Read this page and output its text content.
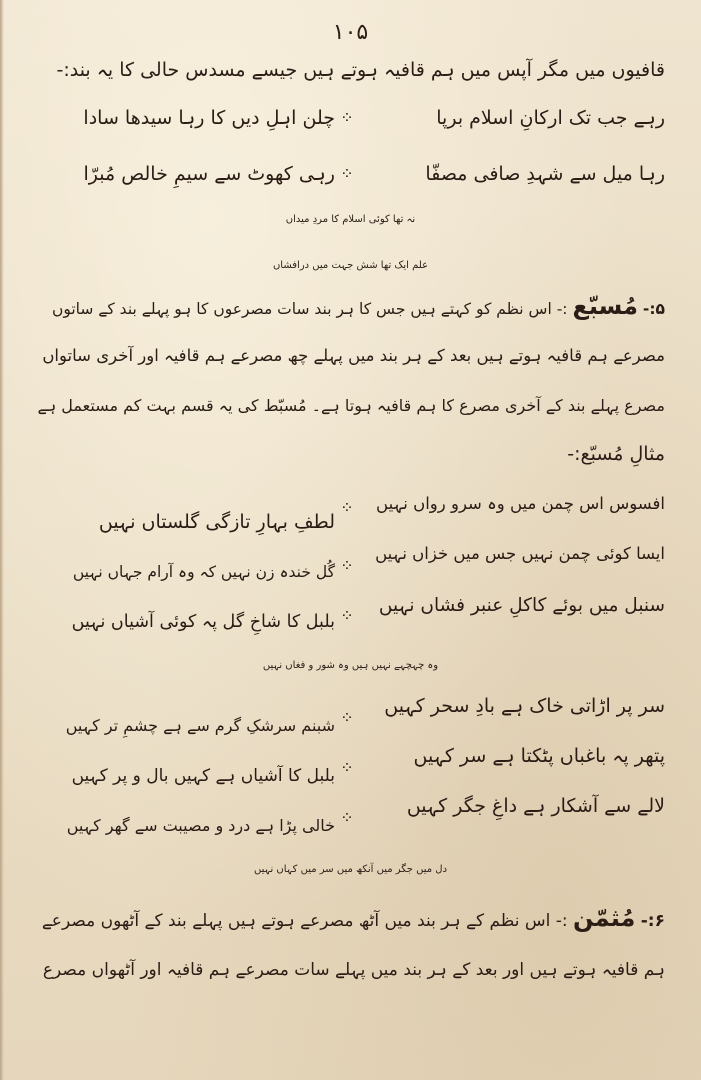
۱۰۵
قافیوں میں مگر آپس میں ہم قافیہ ہوتے ہیں جیسے مسدس حالی کا یہ بند:-
رہے جب تک ارکانِ اسلام برپا
⁘
چلن اہلِ دیں کا رہا سیدھا سادا
رہا میل سے شہدِ صافی مصفّا
⁘
رہی کھوٹ سے سیمِ خالص مُبرّا
نہ تھا کوئی اسلام کا مردِ میداں
علم ایک تھا شش جہت میں درافشاں
۵:- مُسبّع :- اس نظم کو کہتے ہیں جس کا ہر بند سات مصرعوں کا ہو پہلے بند کے ساتوں
مصرعے ہم قافیہ ہوتے ہیں بعد کے ہر بند میں پہلے چھ مصرعے ہم قافیہ اور آخری ساتواں
مصرع پہلے بند کے آخری مصرع کا ہم قافیہ ہوتا ہے۔ مُسبّط کی یہ قسم بہت کم مستعمل ہے
مثالِ مُسبّع:-
افسوس اس چمن میں وہ سرو رواں نہیں
⁘
لطفِ بہارِ تازگی گلستاں نہیں
ایسا کوئی چمن نہیں جس میں خزاں نہیں
⁘
گُل خندہ زن نہیں کہ وہ آرام جہاں نہیں
سنبل میں بوئے کاکلِ عنبر فشاں نہیں
⁘
بلبل کا شاخِ گل پہ کوئی آشیاں نہیں
وہ چہچہے نہیں ہیں وہ شور و فغاں نہیں
سر پر اڑاتی خاک ہے بادِ سحر کہیں
⁘
شبنم سرشکِ گرم سے ہے چشمِ تر کہیں
پتھر پہ باغباں پٹکتا ہے سر کہیں
⁘
بلبل کا آشیاں ہے کہیں بال و پر کہیں
لالے سے آشکار ہے داغِ جگر کہیں
⁘
خالی پڑا ہے درد و مصیبت سے گھر کہیں
دل میں جگر میں آنکھ میں سر میں کہاں نہیں
۶:- مُثمّن :- اس نظم کے ہر بند میں آٹھ مصرعے ہوتے ہیں پہلے بند کے آٹھوں مصرعے
ہم قافیہ ہوتے ہیں اور بعد کے ہر بند میں پہلے سات مصرعے ہم قافیہ اور آٹھواں مصرع
